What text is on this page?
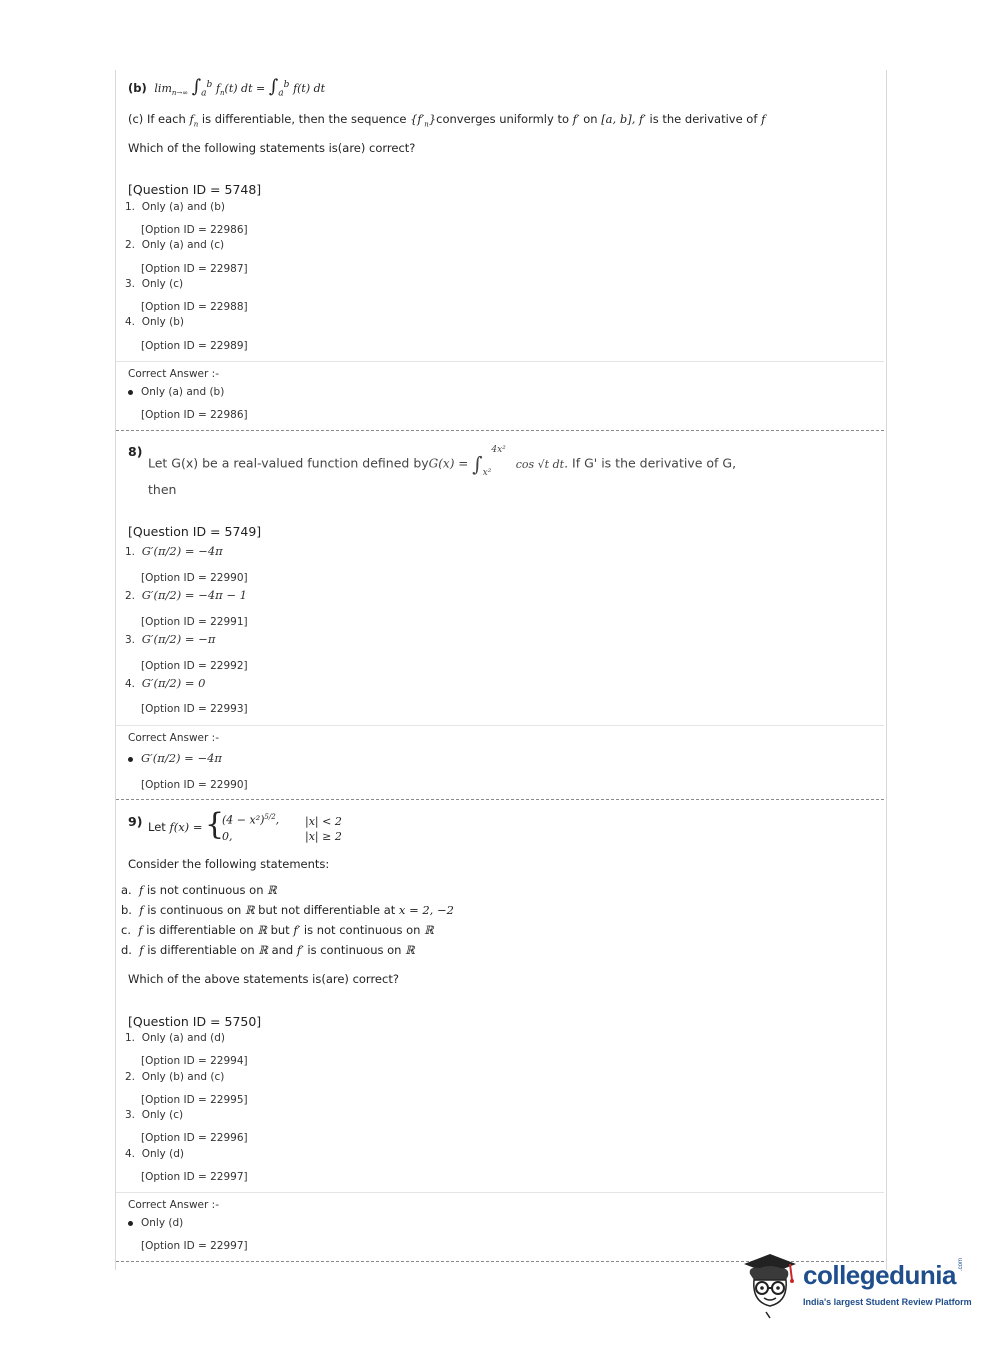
(b) $\lim_{n\to\infty} \int_a^b$ $f_n(t)$ dt = $\int_a^b$ f(t) dt
(c) If each $f_n$ is differentiable, then the sequence $\{f'_n\}converges$ uniformly to f′ on [a, b], f′ is the derivative of f
Which of the following statements is(are) correct?
[Question ID = 5748]
1. Only (a) and (b)
[Option ID = 22986]
2. Only (a) and (c)
[Option ID = 22987]
3. Only (c)
[Option ID = 22988]
4. Only (b)
[Option ID = 22989]
Correct Answer :-
Only (a) and (b)
[Option ID = 22986]
8)
Let G(x) be a real-valued function defined $byG(x) = \int_{x^2}^{4x^2}$ cos √t dt. If G' is the derivative of G,
then
[Question ID = 5749]
1. G′(π/2) = −4π
[Option ID = 22990]
2. G′(π/2) = −4π − 1
[Option ID = 22991]
3. G′(π/2) = −π
[Option ID = 22992]
4. G′(π/2) = 0
[Option ID = 22993]
Correct Answer :-
G′(π/2) = −4π
[Option ID = 22990]
9) Let f(x) = {
$(4 - x^2)^{5/2}$, |x| < 2
0,	|x| ≥ 2
Consider the following statements:
a. f is not continuous on ℝ
b. f is continuous on ℝ but not differentiable at x = 2, −2
c. f is differentiable on ℝ but f′ is not continuous on ℝ
d. f is differentiable on ℝ and f′ is continuous on ℝ
Which of the above statements is(are) correct?
[Question ID = 5750]
1. Only (a) and (d)
[Option ID = 22994]
2. Only (b) and (c)
[Option ID = 22995]
3. Only (c)
[Option ID = 22996]
4. Only (d)
[Option ID = 22997]
Correct Answer :-
Only (d)
[Option ID = 22997]
collegedunia .com
India's largest Student Review Platform
